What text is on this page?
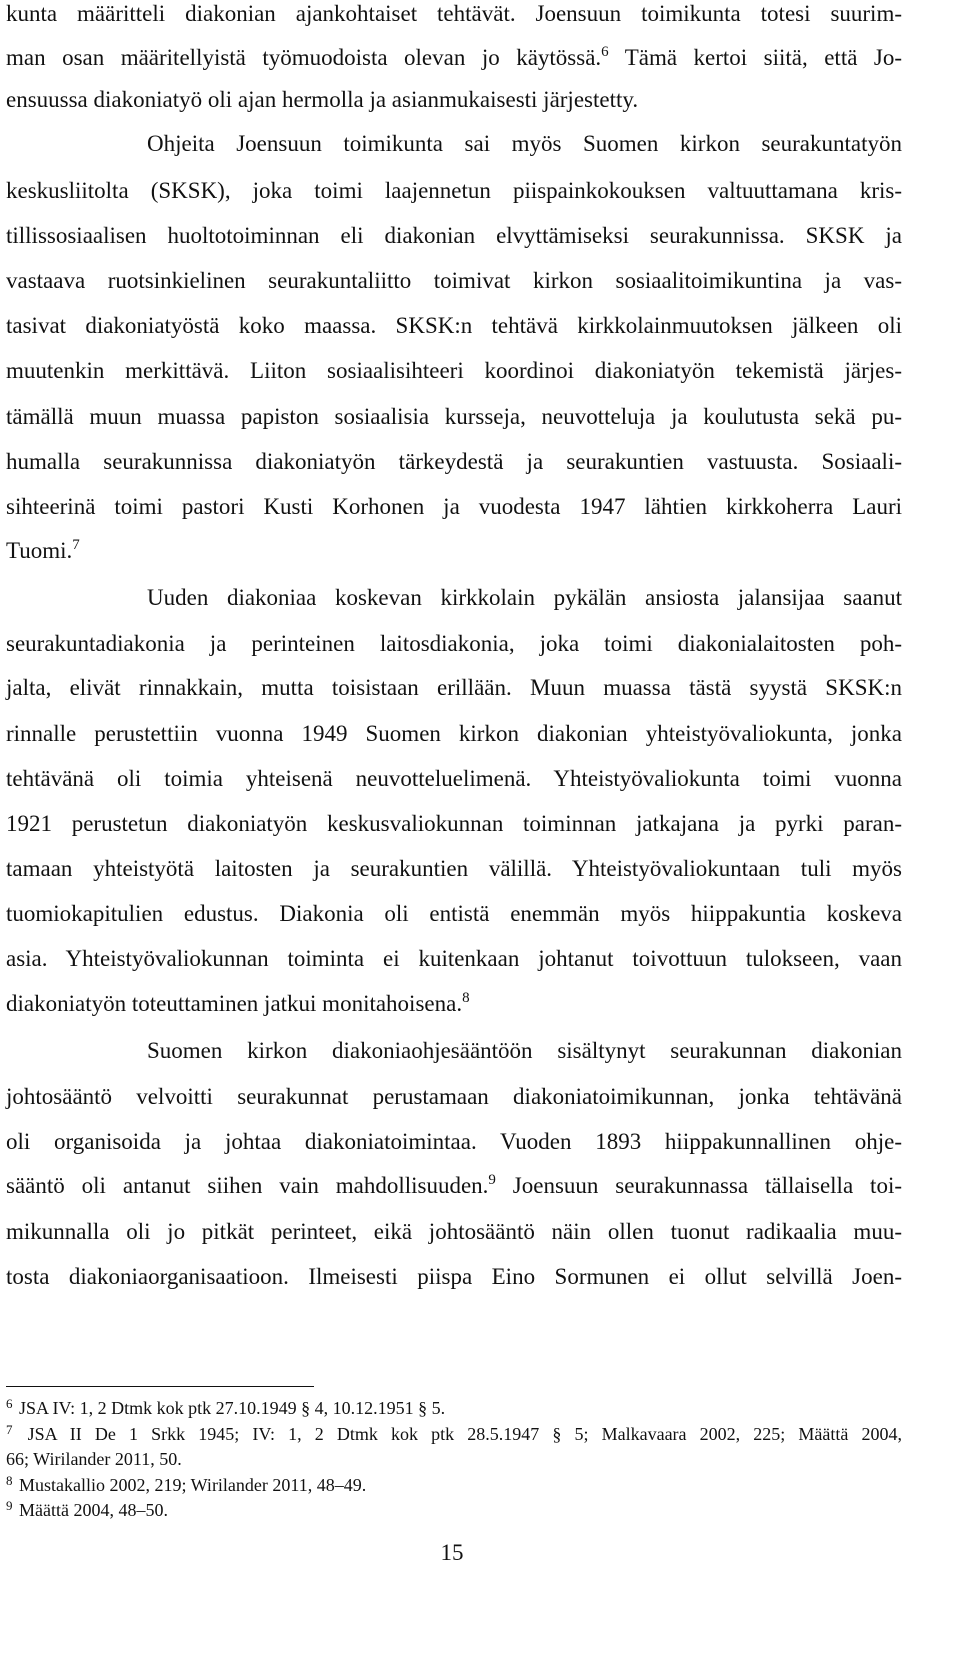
kunta määritteli diakonian ajankohtaiset tehtävät. Joensuun toimikunta totesi suurim-
man osan määritellyistä työmuodoista olevan jo käytössä.$^6$ Tämä kertoi siitä, että Jo-
ensuussa diakoniatyö oli ajan hermolla ja asianmukaisesti järjestetty.
Ohjeita Joensuun toimikunta sai myös Suomen kirkon seurakuntatyön
keskusliitolta (SKSK), joka toimi laajennetun piispainkokouksen valtuuttamana kris-
tillissosiaalisen huoltotoiminnan eli diakonian elvyttämiseksi seurakunnissa. SKSK ja
vastaava ruotsinkielinen seurakuntaliitto toimivat kirkon sosiaalitoimikuntina ja vas-
tasivat diakoniatyöstä koko maassa. SKSK:n tehtävä kirkkolainmuutoksen jälkeen oli
muutenkin merkittävä. Liiton sosiaalisihteeri koordinoi diakoniatyön tekemistä järjes-
tämällä muun muassa papiston sosiaalisia kursseja, neuvotteluja ja koulutusta sekä pu-
humalla seurakunnissa diakoniatyön tärkeydestä ja seurakuntien vastuusta. Sosiaali-
sihteerinä toimi pastori Kusti Korhonen ja vuodesta 1947 lähtien kirkkoherra Lauri
Tuomi.$^7$
Uuden diakoniaa koskevan kirkkolain pykälän ansiosta jalansijaa saanut
seurakuntadiakonia ja perinteinen laitosdiakonia, joka toimi diakonialaitosten poh-
jalta, elivät rinnakkain, mutta toisistaan erillään. Muun muassa tästä syystä SKSK:n
rinnalle perustettiin vuonna 1949 Suomen kirkon diakonian yhteistyövaliokunta, jonka
tehtävänä oli toimia yhteisenä neuvotteluelimenä. Yhteistyövaliokunta toimi vuonna
1921 perustetun diakoniatyön keskusvaliokunnan toiminnan jatkajana ja pyrki paran-
tamaan yhteistyötä laitosten ja seurakuntien välillä. Yhteistyövaliokuntaan tuli myös
tuomiokapitulien edustus. Diakonia oli entistä enemmän myös hiippakuntia koskeva
asia. Yhteistyövaliokunnan toiminta ei kuitenkaan johtanut toivottuun tulokseen, vaan
diakoniatyön toteuttaminen jatkui monitahoisena.$^8$
Suomen kirkon diakoniaohjesääntöön sisältynyt seurakunnan diakonian
johtosääntö velvoitti seurakunnat perustamaan diakoniatoimikunnan, jonka tehtävänä
oli organisoida ja johtaa diakoniatoimintaa. Vuoden 1893 hiippakunnallinen ohje-
sääntö oli antanut siihen vain mahdollisuuden.$^9$ Joensuun seurakunnassa tällaisella toi-
mikunnalla oli jo pitkät perinteet, eikä johtosääntö näin ollen tuonut radikaalia muu-
tosta diakoniaorganisaatioon. Ilmeisesti piispa Eino Sormunen ei ollut selvillä Joen-
$^6$ JSA IV: 1, 2 Dtmk kok ptk 27.10.1949 § 4, 10.12.1951 § 5.
$^7$ JSA II De 1 Srkk 1945; IV: 1, 2 Dtmk kok ptk 28.5.1947 § 5; Malkavaara 2002, 225; Määttä 2004,
66; Wirilander 2011, 50.
$^8$ Mustakallio 2002, 219; Wirilander 2011, 48–49.
$^9$ Määttä 2004, 48–50.
15
